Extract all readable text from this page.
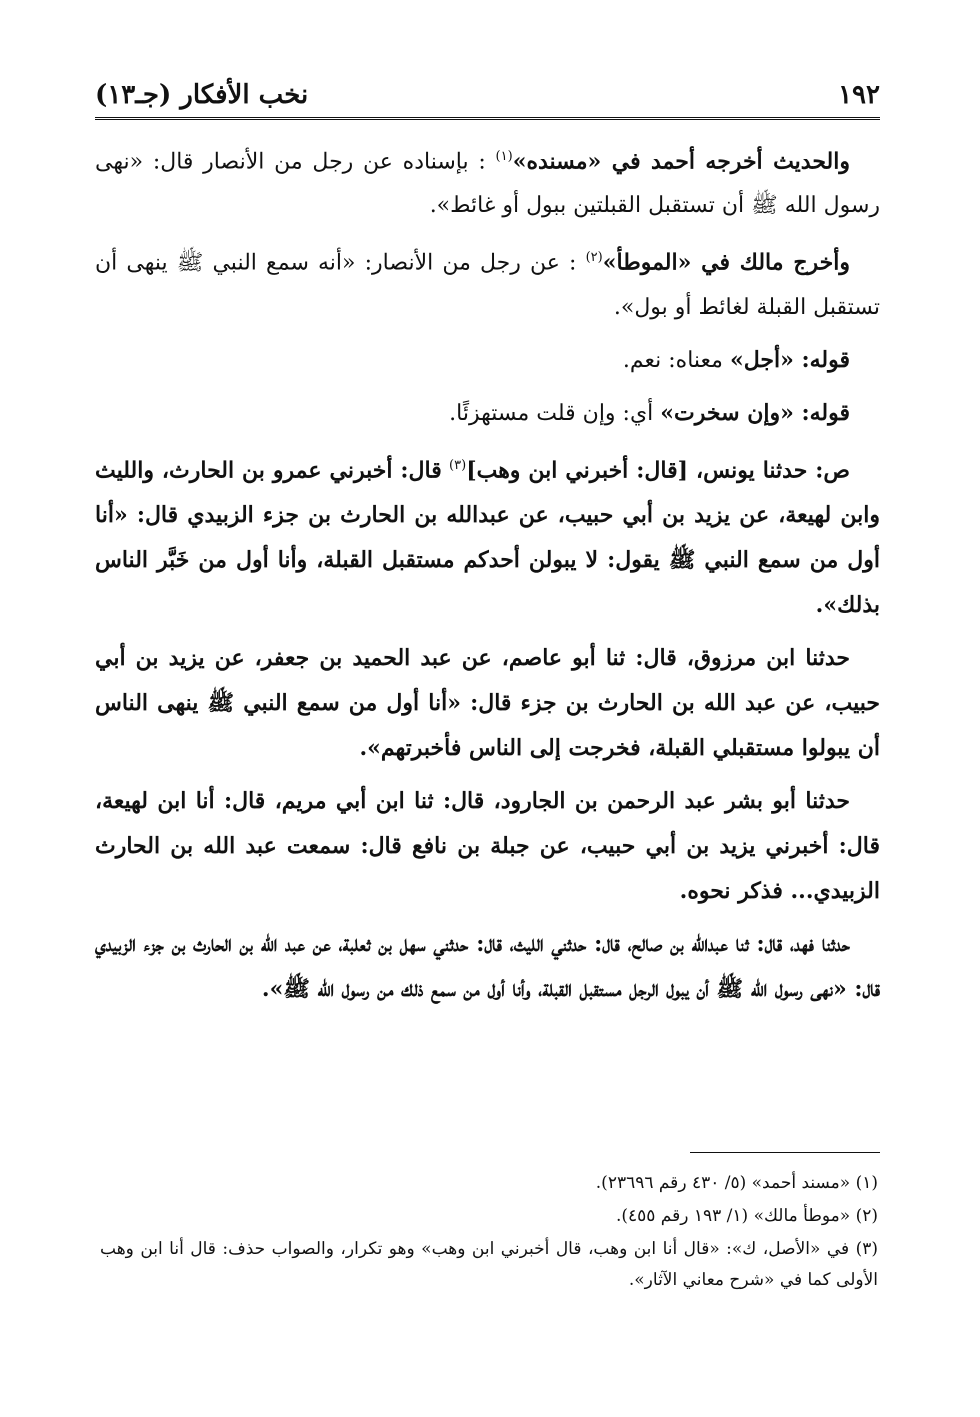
١٩٢
نخب الأفكار (جـ١٣)

والحديث أخرجه أحمد في «مسنده»$^{(١)}$ : بإسناده عن رجل من الأنصار قال: «نهى رسول الله ﷺ أن تستقبل القبلتين ببول أو غائط».

وأخرج مالك في «الموطأ»$^{(٢)}$ : عن رجل من الأنصار: «أنه سمع النبي ﷺ ينهى أن تستقبل القبلة لغائط أو بول».

قوله: «أجل» معناه: نعم.

قوله: «وإن سخرت» أي: وإن قلت مستهزئًا.

ص: حدثنا يونس، [قال: أخبرني ابن وهب]$^{(٣)}$ قال: أخبرني عمرو بن الحارث، والليث وابن لهيعة، عن يزيد بن أبي حبيب، عن عبدالله بن الحارث بن جزء الزبيدي قال: «أنا أول من سمع النبي ﷺ يقول: لا يبولن أحدكم مستقبل القبلة، وأنا أول من خَبَّر الناس بذلك».

حدثنا ابن مرزوق، قال: ثنا أبو عاصم، عن عبد الحميد بن جعفر، عن يزيد بن أبي حبيب، عن عبد الله بن الحارث بن جزء قال: «أنا أول من سمع النبي ﷺ ينهى الناس أن يبولوا مستقبلي القبلة، فخرجت إلى الناس فأخبرتهم».

حدثنا أبو بشر عبد الرحمن بن الجارود، قال: ثنا ابن أبي مريم، قال: أنا ابن لهيعة، قال: أخبرني يزيد بن أبي حبيب، عن جبلة بن نافع قال: سمعت عبد الله بن الحارث الزبيدي... فذكر نحوه.

حدثنا فهد، قال: ثنا عبدالله بن صالح، قال: حدثني الليث، قال: حدثني سهل بن ثعلبة، عن عبد الله بن الحارث بن جزء الزبيدي قال: «نهى رسول الله ﷺ أن يبول الرجل مستقبل القبلة، وأنا أول من سمع ذلك من رسول الله ﷺ».

(١) «مسند أحمد» (٥/ ٤٣٠ رقم ٢٣٦٩٦).

(٢) «موطأ مالك» (١/ ١٩٣ رقم ٤٥٥).

(٣) في «الأصل، ك»: «قال أنا ابن وهب، قال أخبرني ابن وهب» وهو تكرار، والصواب حذف: قال أنا ابن وهب الأولى كما في «شرح معاني الآثار».
